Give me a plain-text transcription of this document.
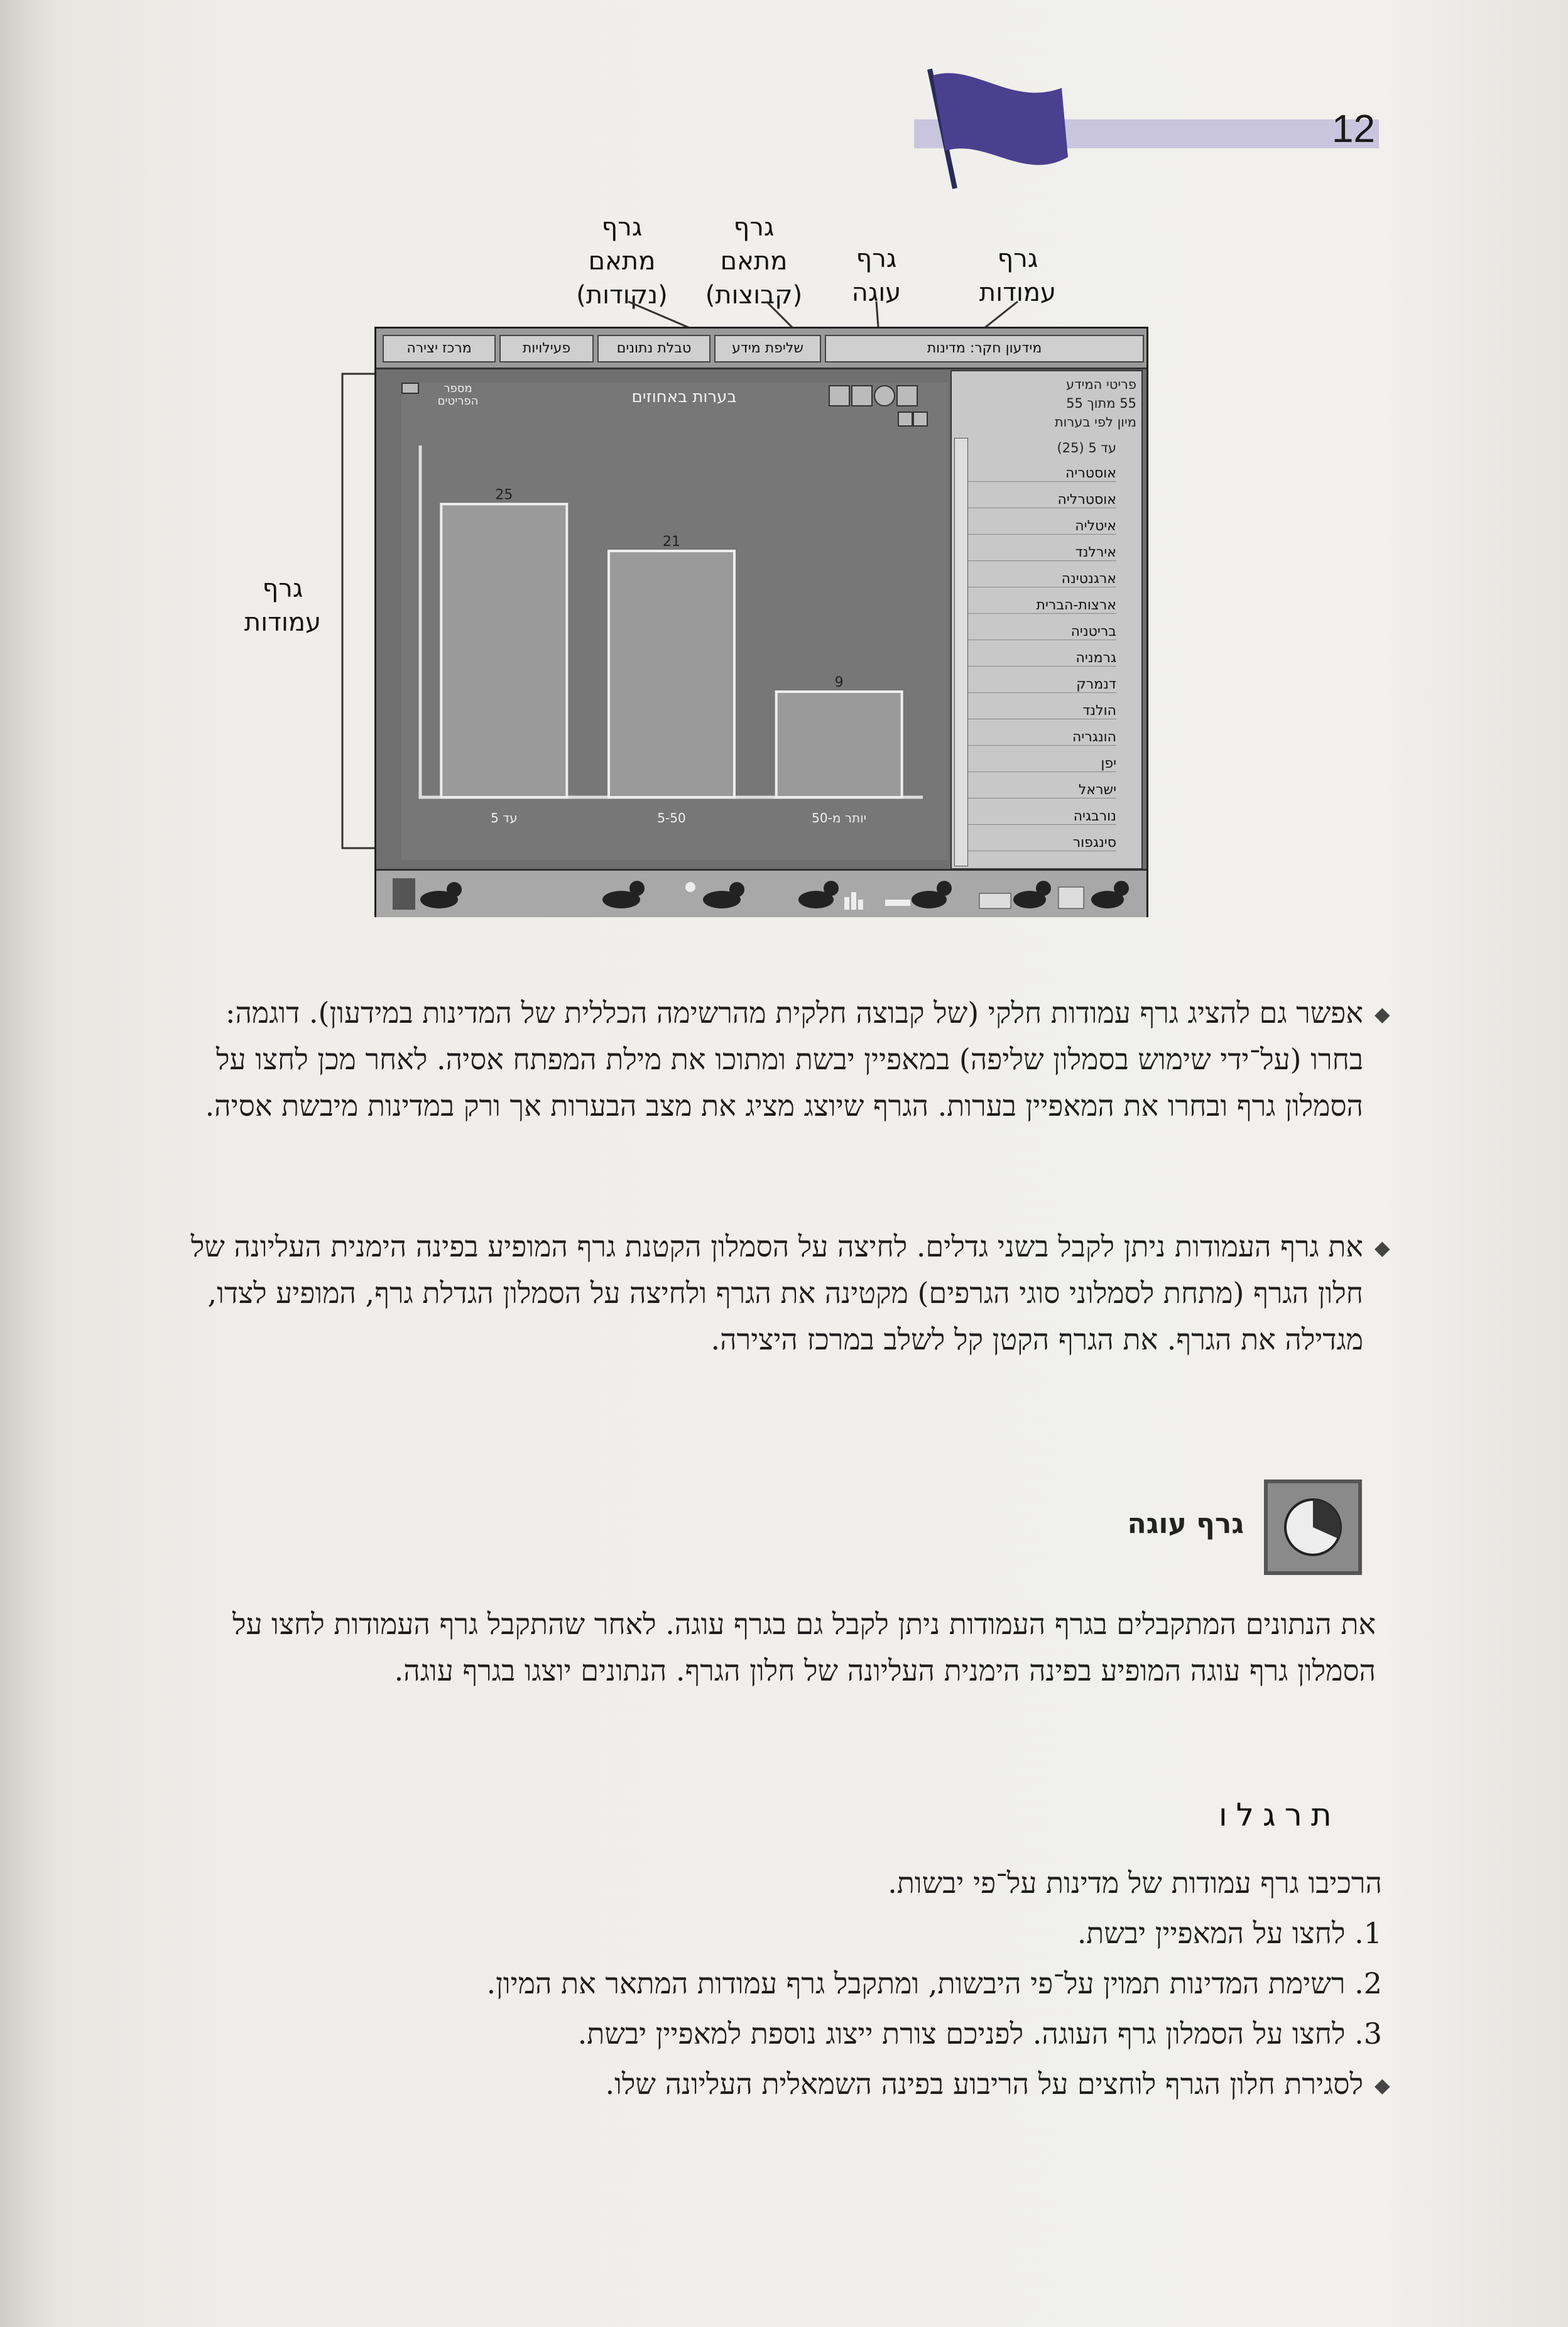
12
גרף
מתאם
(נקודות)
גרף
מתאם
(קבוצות)
גרף
עוגה
גרף
עמודות
גרף
עמודות
מרכז יצירה	פעילויות	טבלת נתונים	שליפת מידע	מידעון חקר: מדינות
מספר
הפריטים	בערות באחוזים
25
עד 5
21
5-50
9
יותר מ-50
פריטי המידע
55 מתוך 55
מיון לפי בערות
עד 5 (25)
אוסטריה
אוסטרליה
איטליה
אירלנד
ארגנטינה
ארצות-הברית
בריטניה
גרמניה
דנמרק
הולנד
הונגריה
יפן
ישראל
נורבגיה
סינגפור
◆
אפשר גם להציג גרף עמודות חלקי (של קבוצה חלקית מהרשימה הכללית של המדינות במידעון). דוגמה: בחרו (על־ידי שימוש בסמלון שליפה) במאפיין יבשת ומתוכו את מילת המפתח אסיה. לאחר מכן לחצו על הסמלון גרף ובחרו את המאפיין בערות. הגרף שיוצג מציג את מצב הבערות אך ורק במדינות מיבשת אסיה.
◆
את גרף העמודות ניתן לקבל בשני גדלים. לחיצה על הסמלון הקטנת גרף המופיע בפינה הימנית העליונה של חלון הגרף (מתחת לסמלוני סוגי הגרפים) מקטינה את הגרף ולחיצה על הסמלון הגדלת גרף, המופיע לצדו, מגדילה את הגרף. את הגרף הקטן קל לשלב במרכז היצירה.
גרף עוגה
את הנתונים המתקבלים בגרף העמודות ניתן לקבל גם בגרף עוגה. לאחר שהתקבל גרף העמודות לחצו על הסמלון גרף עוגה המופיע בפינה הימנית העליונה של חלון הגרף. הנתונים יוצגו בגרף עוגה.
תרגלו
הרכיבו גרף עמודות של מדינות על־פי יבשות.
1. לחצו על המאפיין יבשת.
2. רשימת המדינות תמוין על־פי היבשות, ומתקבל גרף עמודות המתאר את המיון.
3. לחצו על הסמלון גרף העוגה. לפניכם צורת ייצוג נוספת למאפיין יבשת.
◆
לסגירת חלון הגרף לוחצים על הריבוע בפינה השמאלית העליונה שלו.
